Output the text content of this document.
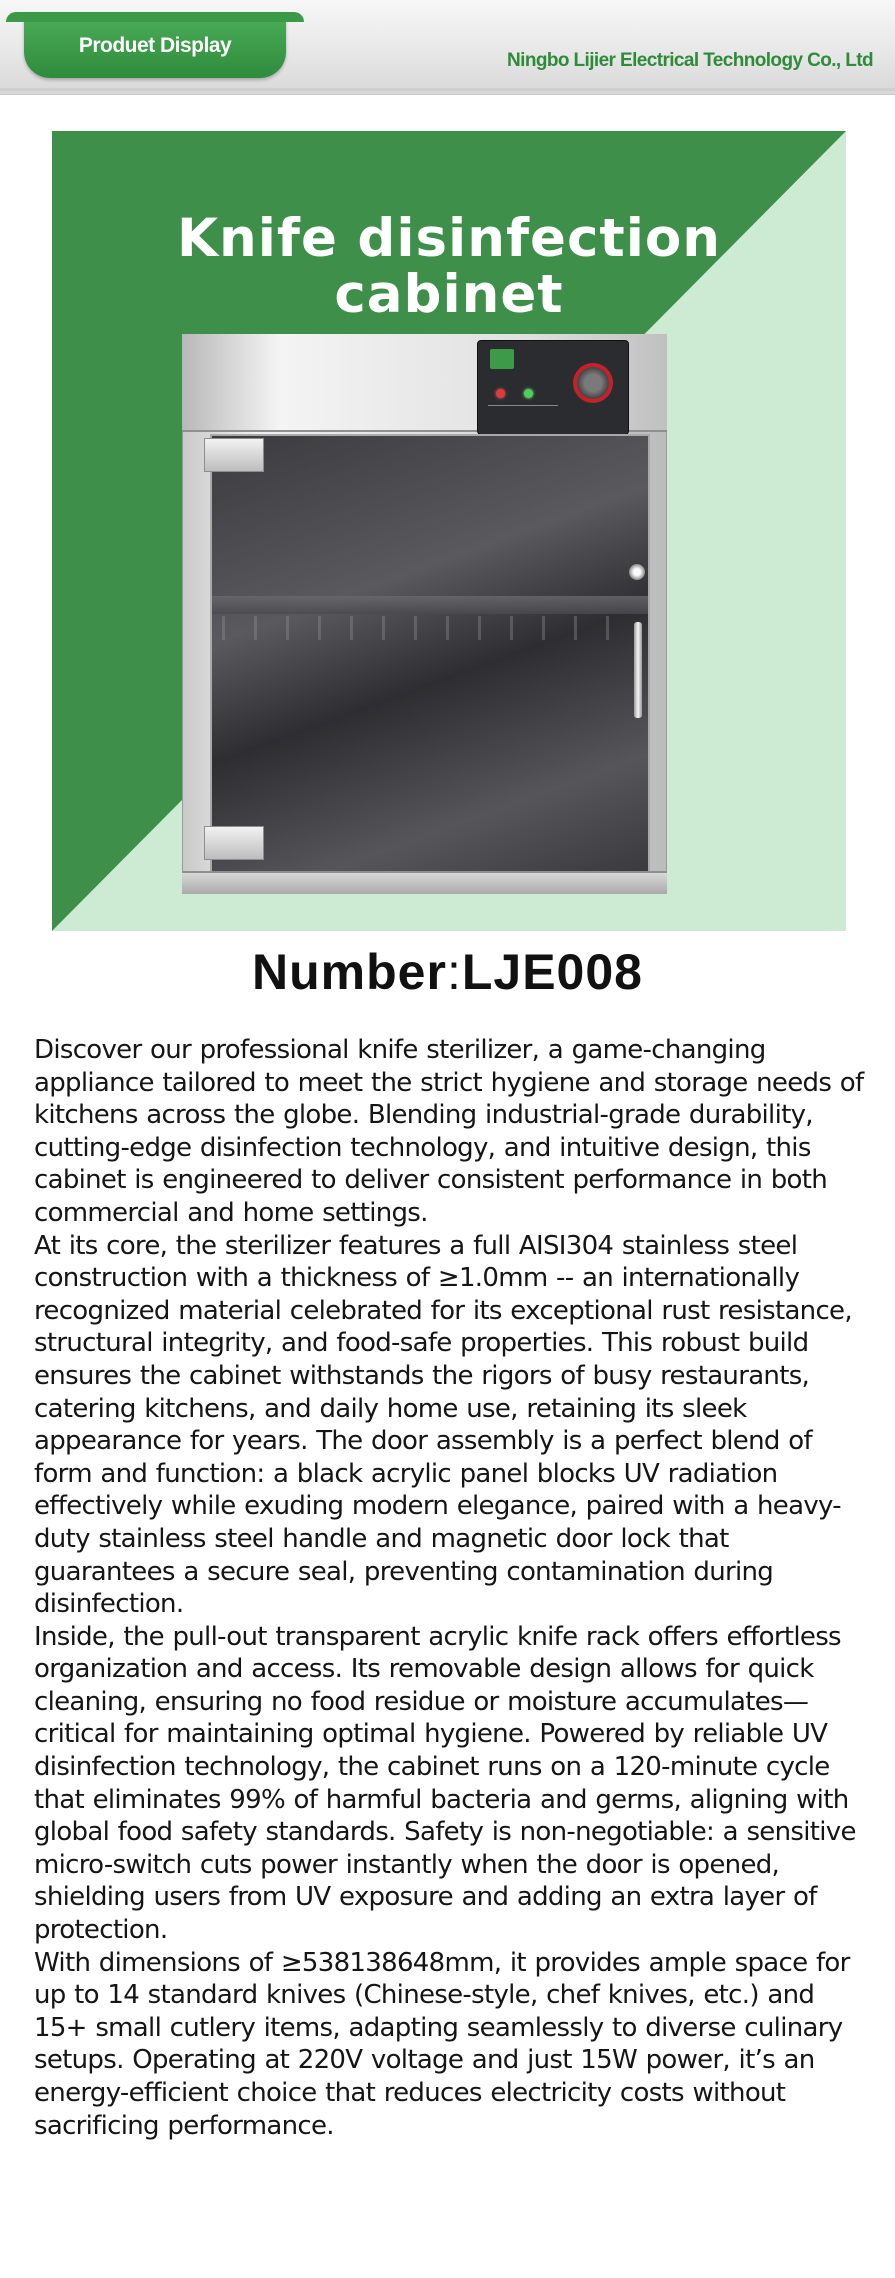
Produet Display
Ningbo Lijier Electrical Technology Co., Ltd
Knife disinfection
cabinet
Number:LJE008

Discover our professional knife sterilizer, a game-changing appliance tailored to meet the strict hygiene and storage needs of kitchens across the globe. Blending industrial-grade durability, cutting-edge disinfection technology, and intuitive design, this cabinet is engineered to deliver consistent performance in both commercial and home settings.

At its core, the sterilizer features a full AISI304 stainless steel construction with a thickness of ≥1.0mm -- an internationally recognized material celebrated for its exceptional rust resistance, structural integrity, and food-safe properties. This robust build ensures the cabinet withstands the rigors of busy restaurants, catering kitchens, and daily home use, retaining its sleek appearance for years. The door assembly is a perfect blend of form and function: a black acrylic panel blocks UV radiation effectively while exuding modern elegance, paired with a heavy-duty stainless steel handle and magnetic door lock that guarantees a secure seal, preventing contamination during disinfection.

Inside, the pull-out transparent acrylic knife rack offers effortless organization and access. Its removable design allows for quick cleaning, ensuring no food residue or moisture accumulates—critical for maintaining optimal hygiene. Powered by reliable UV disinfection technology, the cabinet runs on a 120-minute cycle that eliminates 99% of harmful bacteria and germs, aligning with global food safety standards. Safety is non-negotiable: a sensitive micro-switch cuts power instantly when the door is opened, shielding users from UV exposure and adding an extra layer of protection.

With dimensions of ≥538138648mm, it provides ample space for up to 14 standard knives (Chinese-style, chef knives, etc.) and 15+ small cutlery items, adapting seamlessly to diverse culinary setups. Operating at 220V voltage and just 15W power, it’s an energy-efficient choice that reduces electricity costs without sacrificing performance.
